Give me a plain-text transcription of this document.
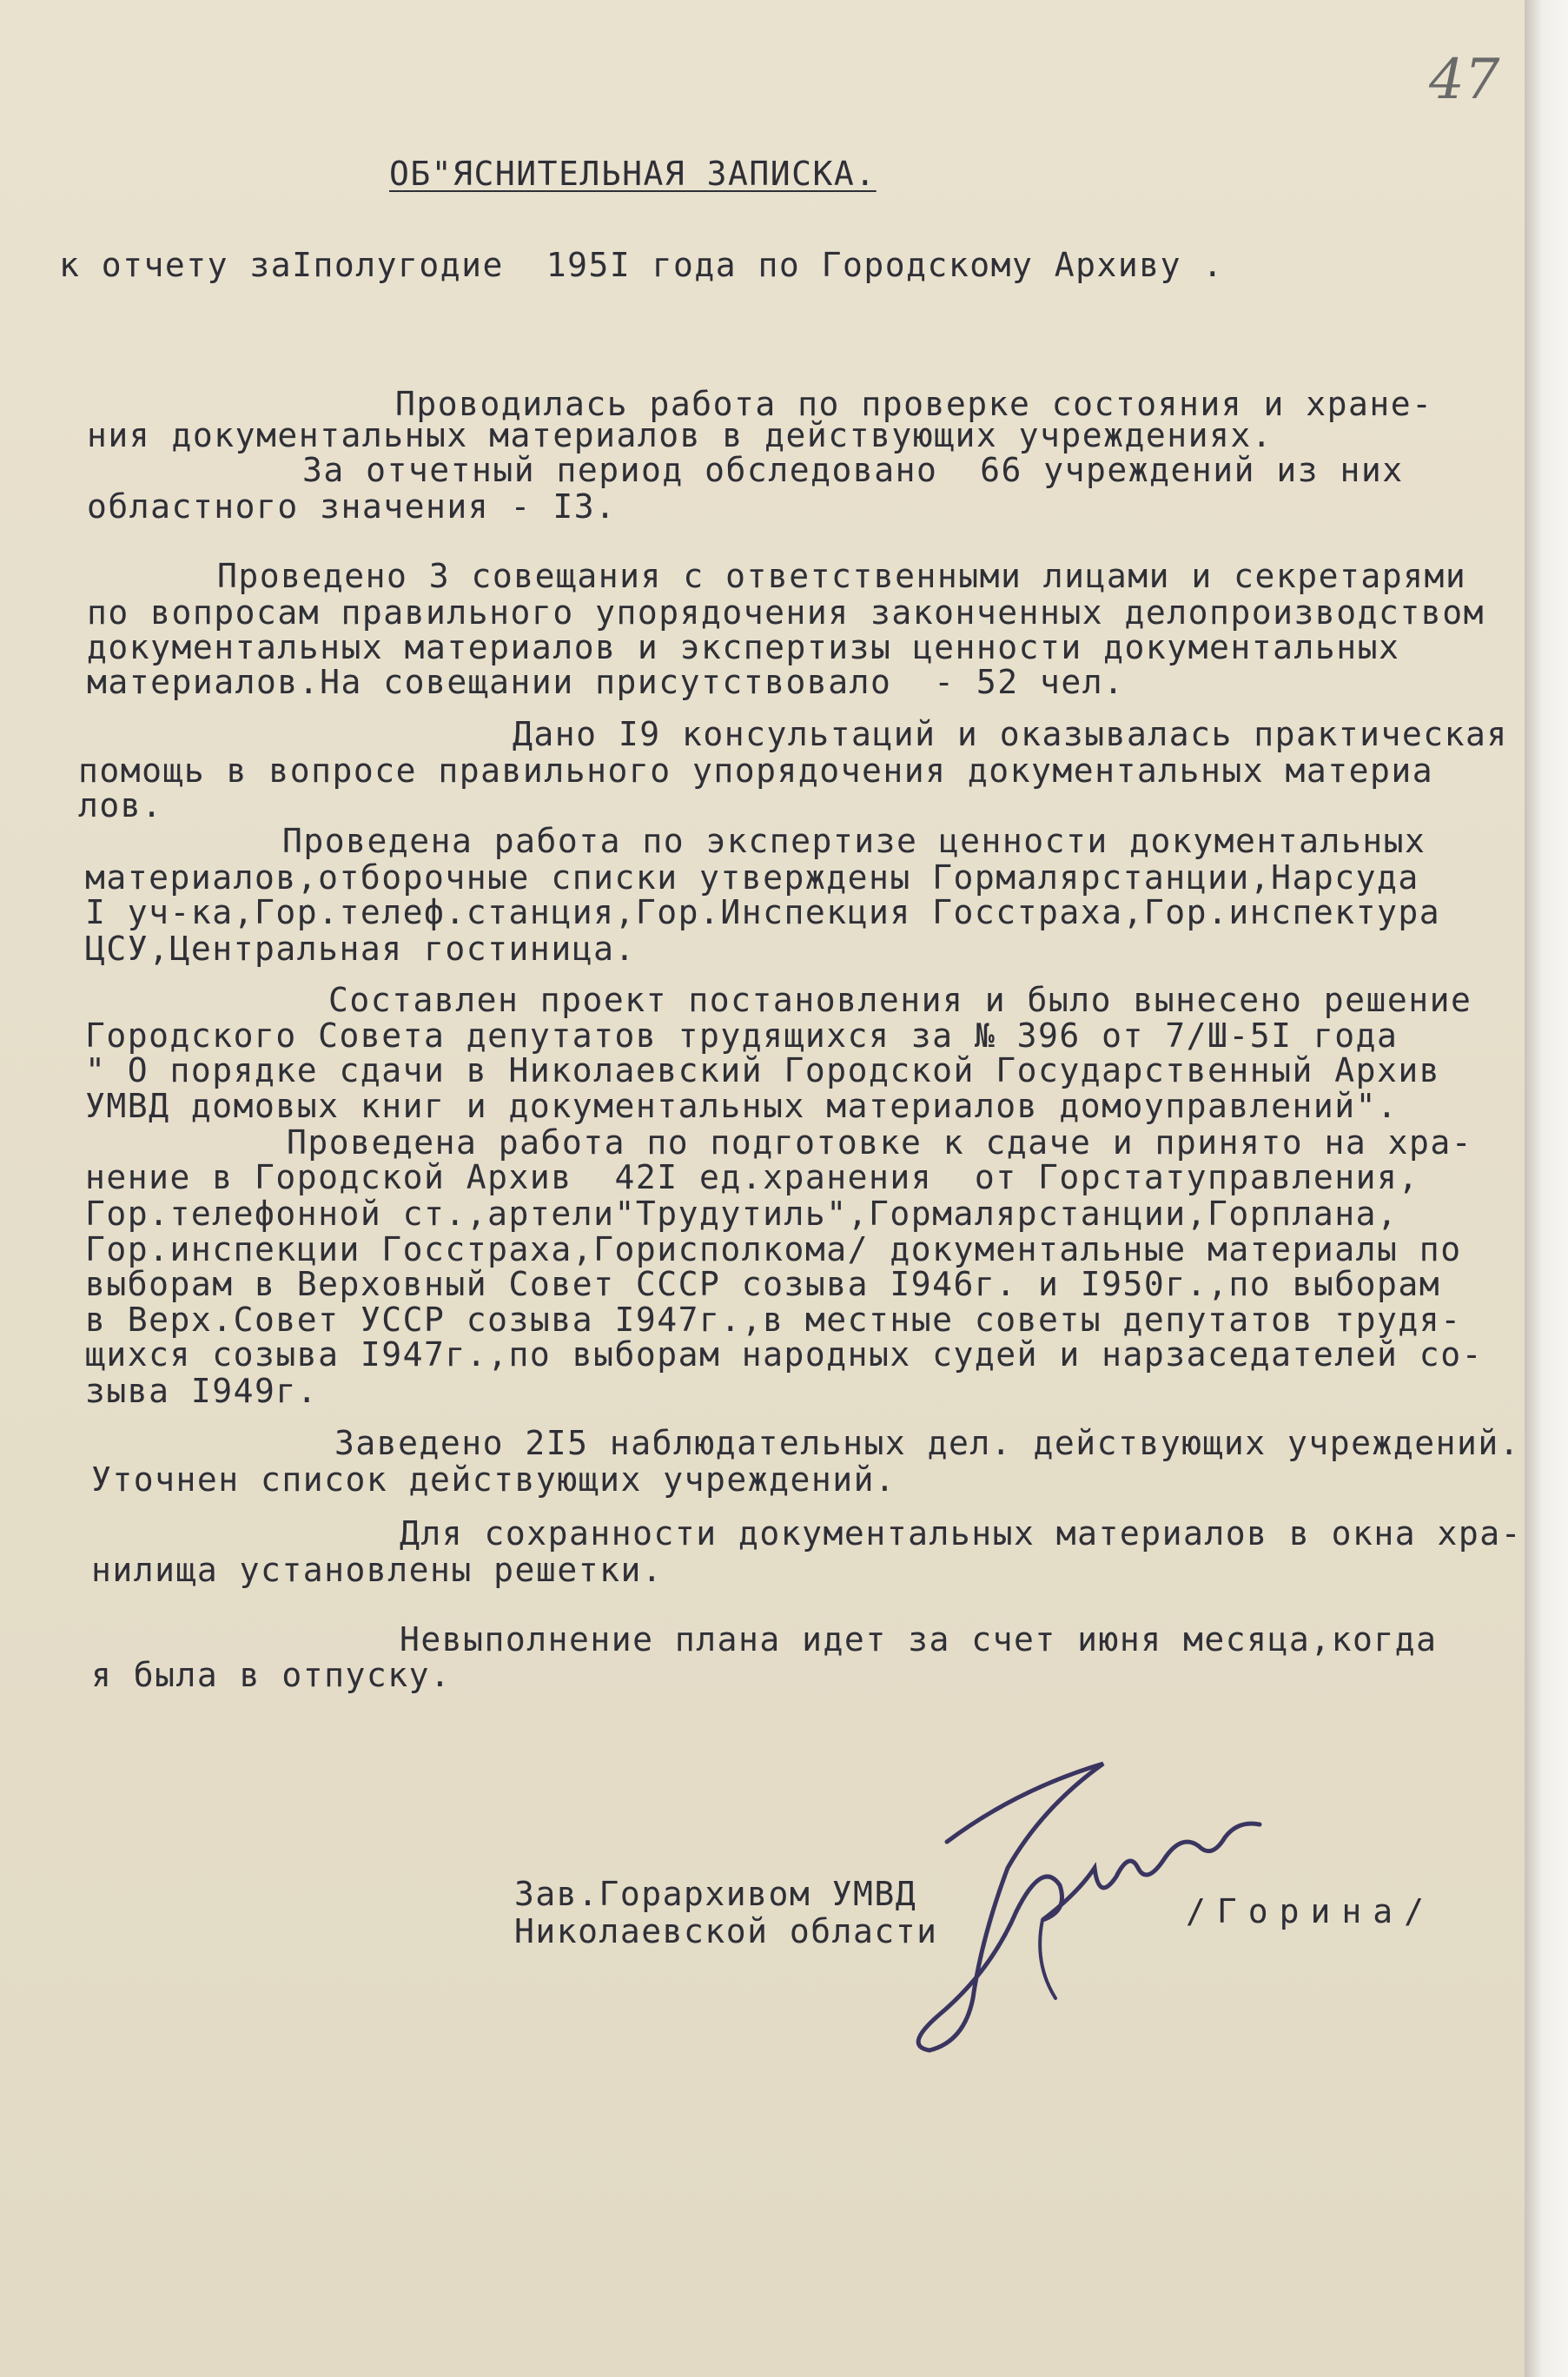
47
ОБ"ЯСНИТЕЛЬНАЯ ЗАПИСКА.
к отчету заIполугодие  195I года по Городскому Архиву .
Проводилась работа по проверке состояния и хране-
ния документальных материалов в действующих учреждениях.
За отчетный период обследовано  66 учреждений из них
областного значения - I3.
Проведено 3 совещания с ответственными лицами и секретарями
по вопросам правильного упорядочения законченных делопроизводством
документальных материалов и экспертизы ценности документальных
материалов.На совещании присутствовало  - 52 чел.
Дано I9 консультаций и оказывалась практическая
помощь в вопросе правильного упорядочения документальных материа
лов.
Проведена работа по экспертизе ценности документальных
материалов,отборочные списки утверждены Гормалярстанции,Нарсуда
I уч-ка,Гор.телеф.станция,Гор.Инспекция Госстраха,Гор.инспектура
ЦСУ,Центральная гостиница.
Составлен проект постановления и было вынесено решение
Городского Совета депутатов трудящихся за № 396 от 7/Ш-5I года
" О порядке сдачи в Николаевский Городской Государственный Архив
УМВД домовых книг и документальных материалов домоуправлений".
Проведена работа по подготовке к сдаче и принято на хра-
нение в Городской Архив  42I ед.хранения  от Горстатуправления,
Гор.телефонной ст.,артели"Трудутиль",Гормалярстанции,Горплана,
Гор.инспекции Госстраха,Горисполкома/ документальные материалы по
выборам в Верховный Совет СССР созыва I946г. и I950г.,по выборам
в Верх.Совет УССР созыва I947г.,в местные советы депутатов трудя-
щихся созыва I947г.,по выборам народных судей и нарзаседателей со-
зыва I949г.
Заведено 2I5 наблюдательных дел. действующих учреждений.
Уточнен список действующих учреждений.
Для сохранности документальных материалов в окна хра-
нилища установлены решетки.
Невыполнение плана идет за счет июня месяца,когда
я была в отпуску.
Зав.Горархивом УМВД
Николаевской области
/Горина/
